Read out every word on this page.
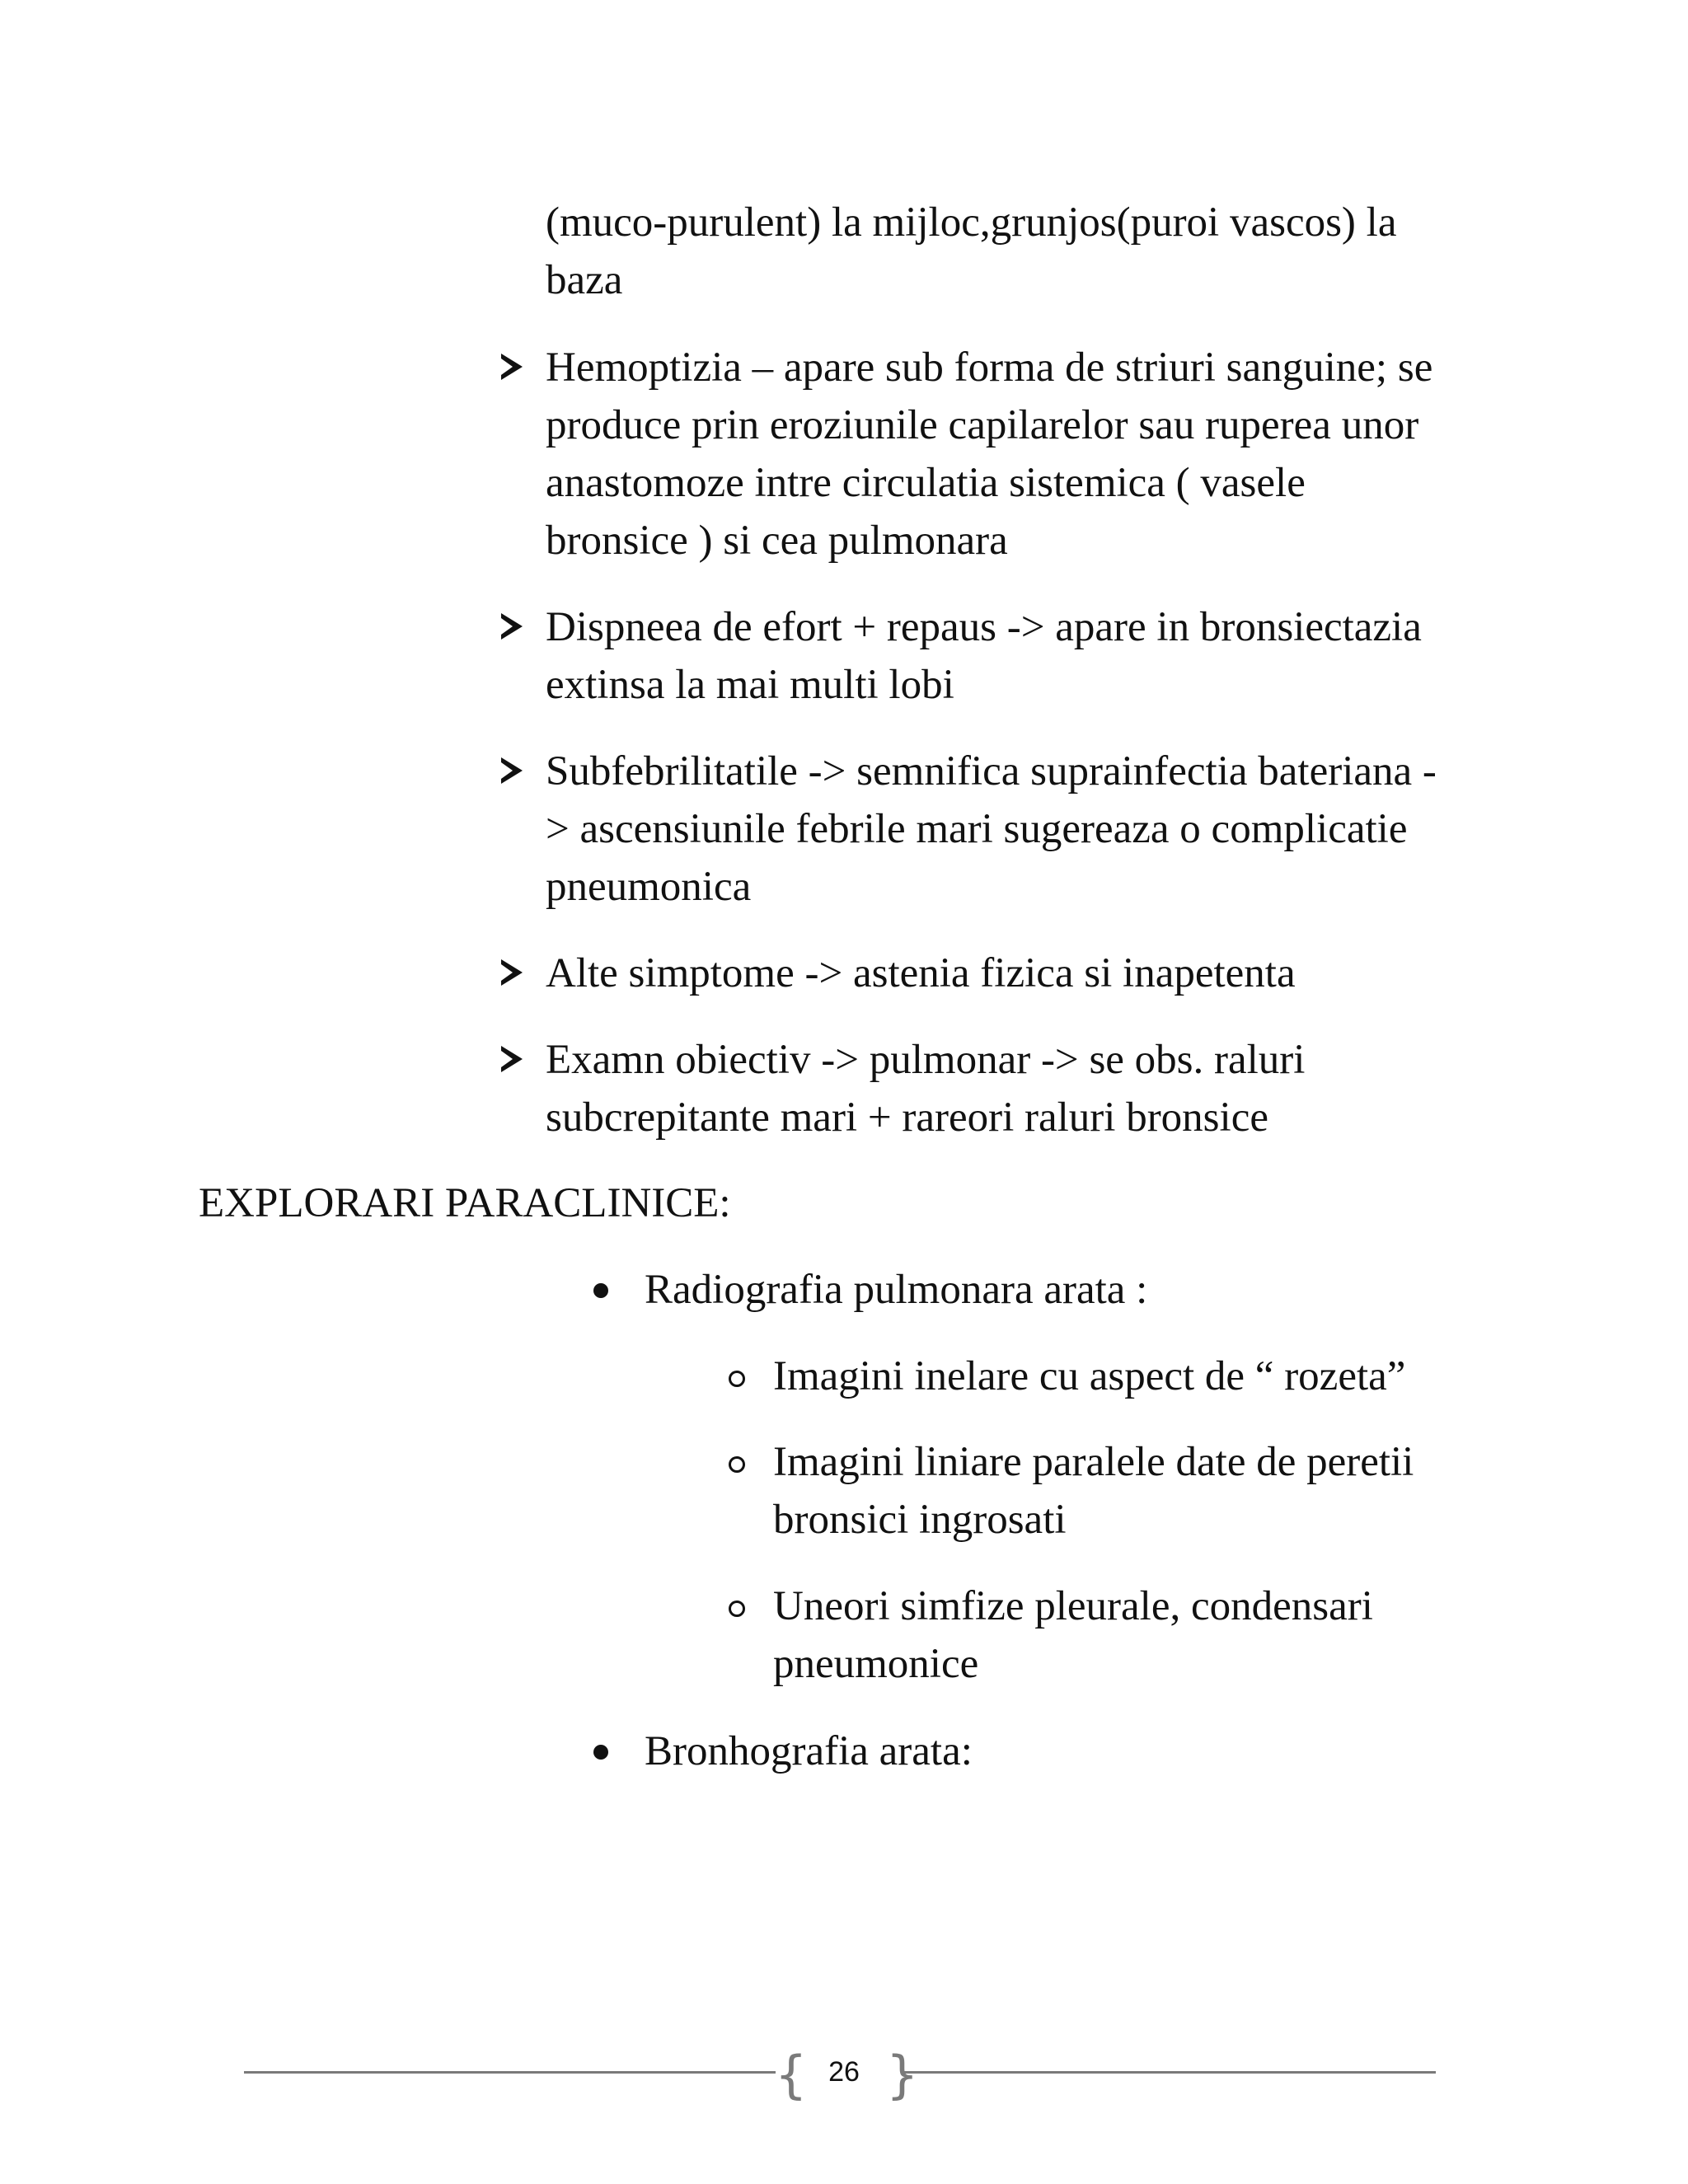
(muco-purulent) la mijloc,grunjos(puroi vascos) la
baza
Hemoptizia – apare sub forma de striuri sanguine; se
produce prin eroziunile capilarelor sau ruperea unor
anastomoze intre circulatia sistemica ( vasele
bronsice ) si cea pulmonara
Dispneea de efort + repaus -> apare in bronsiectazia
extinsa la mai multi lobi
Subfebrilitatile -> semnifica suprainfectia bateriana -
> ascensiunile febrile mari sugereaza o complicatie
pneumonica
Alte simptome -> astenia fizica si inapetenta
Examn obiectiv -> pulmonar -> se obs. raluri
subcrepitante mari + rareori raluri bronsice
EXPLORARI PARACLINICE:
Radiografia pulmonara arata :
Imagini inelare cu aspect de “ rozeta”
Imagini liniare paralele date de peretii
bronsici ingrosati
Uneori simfize pleurale, condensari
pneumonice
Bronhografia arata:
{ }
26
